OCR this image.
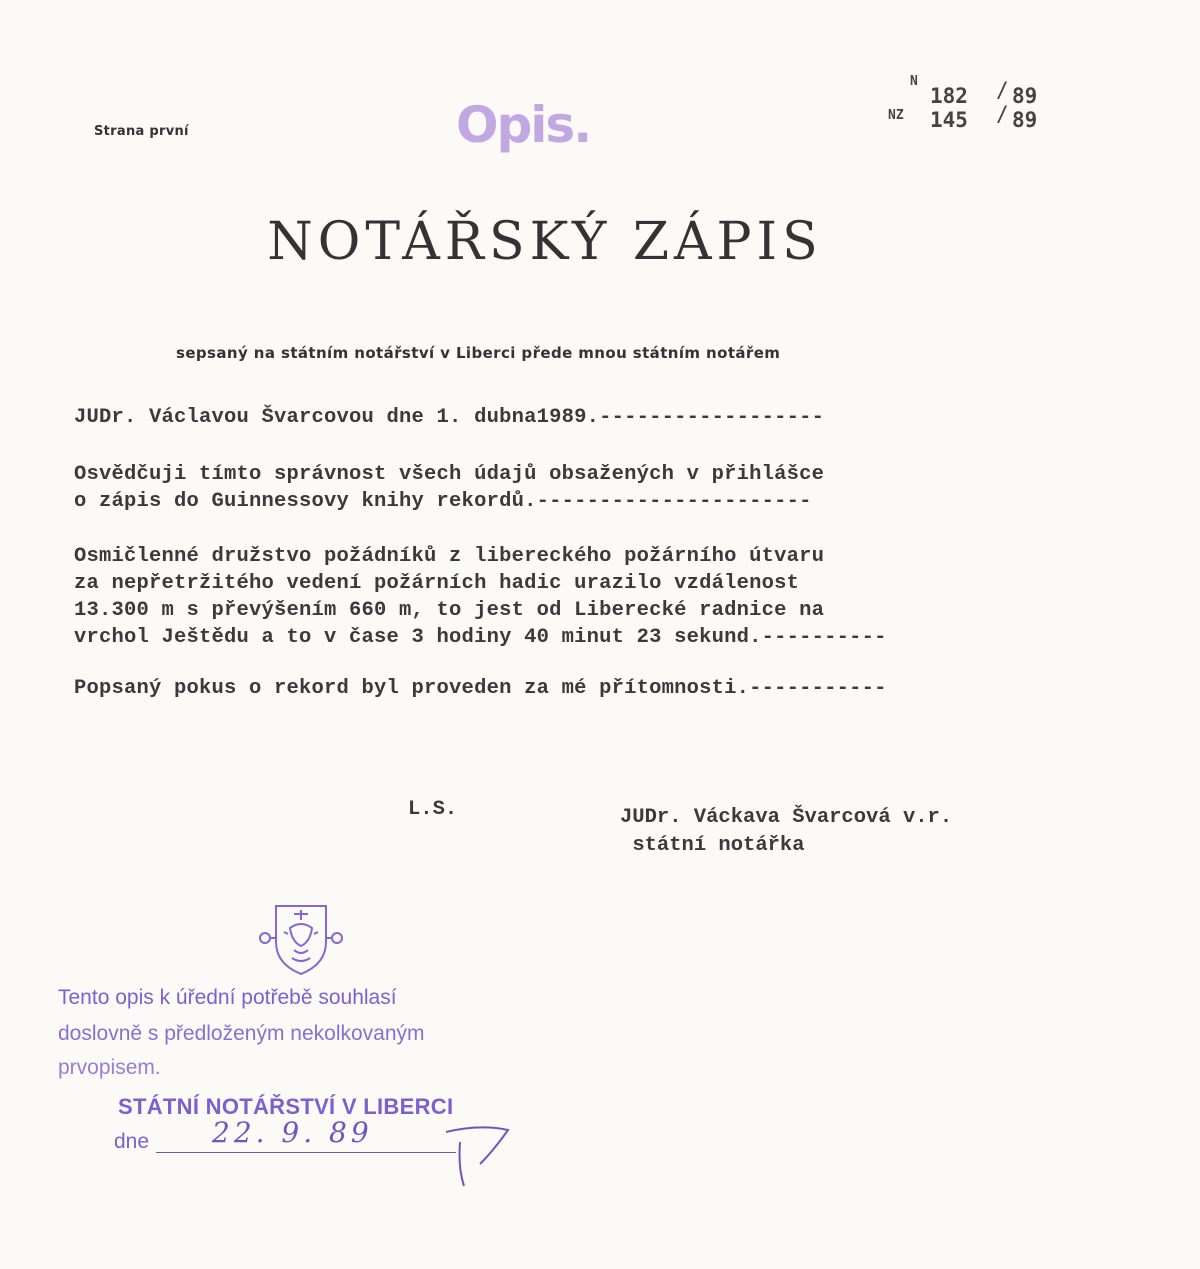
Strana první	Opis.
N
182 / 89
NZ 145 / 89
NOTÁŘSKÝ ZÁPIS
sepsaný na státním notářství v Liberci přede mnou státním notářem
JUDr. Václavou Švarcovou dne 1. dubna1989.------------------
Osvědčuji tímto správnost všech údajů obsažených v přihlášce
o zápis do Guinnessovy knihy rekordů.----------------------
Osmičlenné družstvo požádníků z libereckého požárního útvaru
za nepřetržitého vedení požárních hadic urazilo vzdálenost
13.300 m s převýšením 660 m, to jest od Liberecké radnice na
vrchol Ještědu a to v čase 3 hodiny 40 minut 23 sekund.----------
Popsaný pokus o rekord byl proveden za mé přítomnosti.-----------
L.S.	JUDr. Váckava Švarcová v.r.
státní notářka
Tento opis k úřední potřebě souhlasí
doslovně s předloženým nekolkovaným
prvopisem.
STÁTNÍ NOTÁŘSTVÍ V LIBERCI
dne 22. 9. 89
